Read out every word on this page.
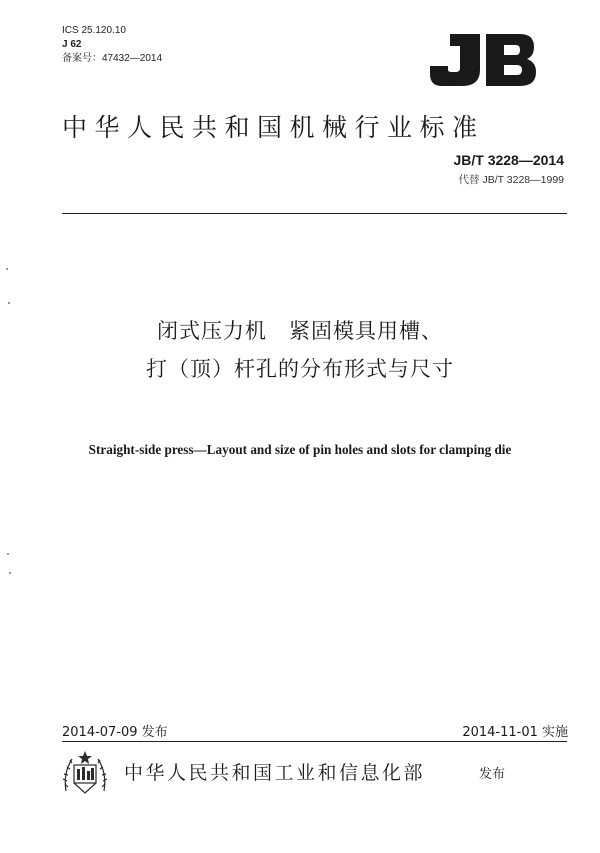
ICS 25.120.10
J 62
备案号：47432—2014
中华人民共和国机械行业标准
JB/T 3228—2014
代替 JB/T 3228—1999
闭式压力机　紧固模具用槽、
打（顶）杆孔的分布形式与尺寸
Straight-side press—Layout and size of pin holes and slots for clamping die
2014-07-09 发布	2014-11-01 实施
中华人民共和国工业和信息化部	发布
